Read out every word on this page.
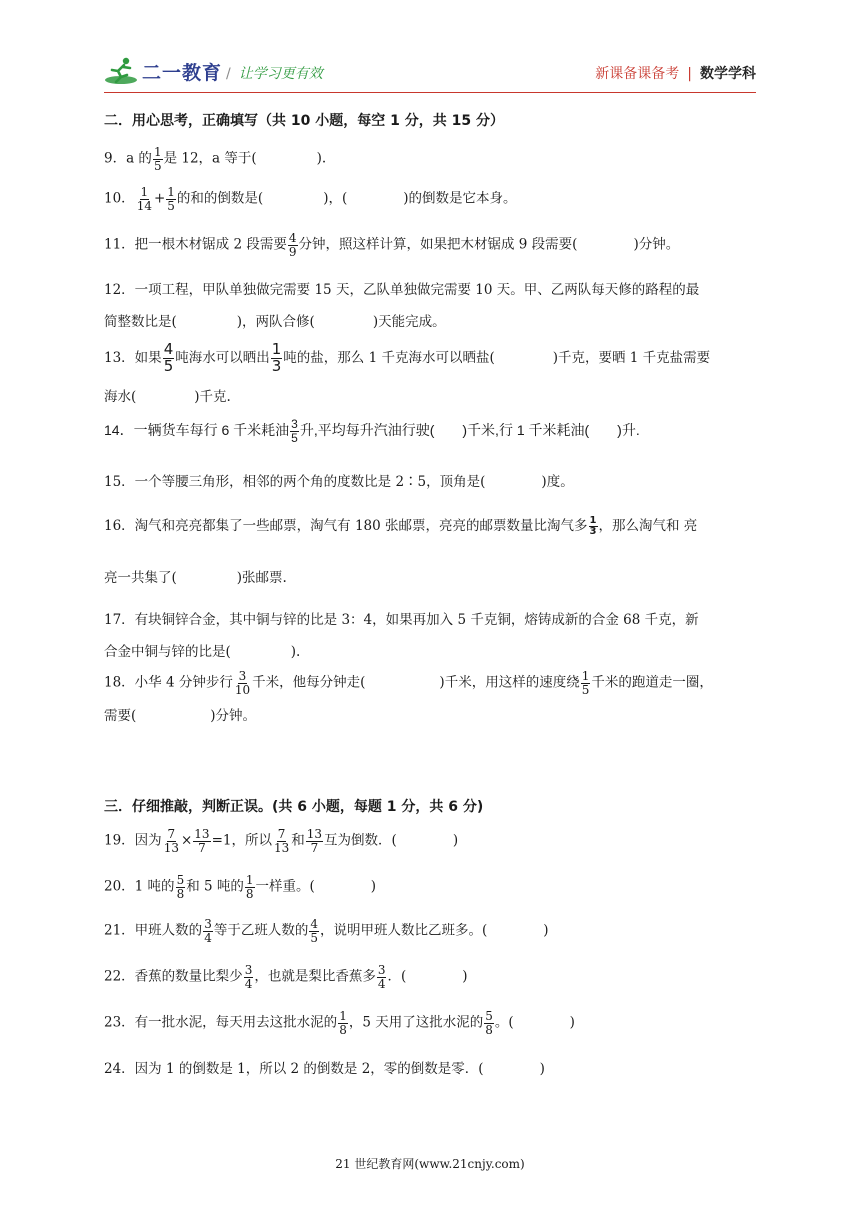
二一教育 / 让学习更有效	新课备课备考 | 数学学科
二．用心思考，正确填写（共 10 小题，每空 1 分，共 15 分）
9．a 的 $\frac{1}{5}$ 是 12，a 等于(	).
10． $\frac{1}{14} + \frac{1}{5}$ 的和的倒数是(	)，(	)的倒数是它本身。
11．把一根木材锯成 2 段需要 $\frac{4}{9}$ 分钟，照这样计算，如果把木材锯成 9 段需要(	)分钟。
12．一项工程，甲队单独做完需要 15 天，乙队单独做完需要 10 天。甲、乙两队每天修的路程的最
简整数比是(	)，两队合修(	)天能完成。
13．如果 $\frac{4}{5}$ 吨海水可以晒出 $\frac{1}{3}$ 吨的盐，那么 1 千克海水可以晒盐(	)千克，要晒 1 千克盐需要
海水(	)千克.
14．一辆货车每行 6 千米耗油 $\frac{3}{5}$ 升,平均每升汽油行驶( )千米,行 1 千米耗油( )升.
15．一个等腰三角形，相邻的两个角的度数比是 2∶5，顶角是(	)度。
16．淘气和亮亮都集了一些邮票，淘气有 180 张邮票，亮亮的邮票数量比淘气多 $\frac{1}{3}$ ，那么淘气和 亮
亮一共集了(	)张邮票.
17．有块铜锌合金，其中铜与锌的比是 3：4，如果再加入 5 千克铜，熔铸成新的合金 68 千克，新
合金中铜与锌的比是(	).
18．小华 4 分钟步行 $\frac{3}{10}$ 千米，他每分钟走(	)千米，用这样的速度绕 $\frac{1}{5}$ 千米的跑道走一圈，
需要(	)分钟。
三．仔细推敲，判断正误。(共 6 小题，每题 1 分，共 6 分)
19．因为 $\frac{7}{13} \times \frac{13}{7} =1$，所以 $\frac{7}{13}$ 和 $\frac{13}{7}$ 互为倒数．(	)
20．1 吨的 $\frac{5}{8}$ 和 5 吨的 $\frac{1}{8}$ 一样重。(	)
21．甲班人数的 $\frac{3}{4}$ 等于乙班人数的 $\frac{4}{5}$ ，说明甲班人数比乙班多。(	)
22．香蕉的数量比梨少 $\frac{3}{4}$ ，也就是梨比香蕉多 $\frac{3}{4}$ ．(	)
23．有一批水泥，每天用去这批水泥的 $\frac{1}{8}$ ，5 天用了这批水泥的 $\frac{5}{8}$ 。(	)
24．因为 1 的倒数是 1，所以 2 的倒数是 2，零的倒数是零．(	)
21 世纪教育网(www.21cnjy.com)
